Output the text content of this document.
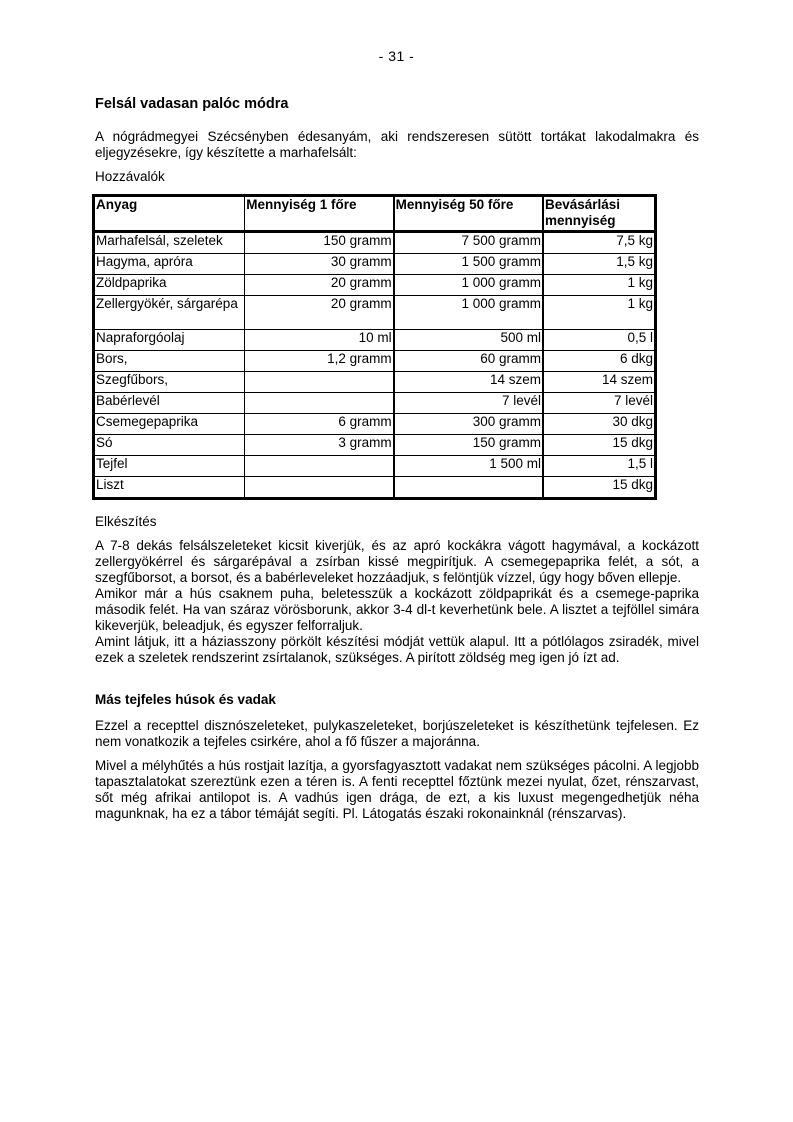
- 31 -
Felsál vadasan palóc módra

A nógrádmegyei Szécsényben édesanyám, aki rendszeresen sütött tortákat lakodalmakra és eljegyzésekre, így készítette a marhafelsált:

Hozzávalók

Anyag	Mennyiség 1 főre	Mennyiség 50 főre	Bevásárlási mennyiség
Marhafelsál, szeletek	150 gramm	7 500 gramm	7,5 kg
Hagyma, apróra	30 gramm	1 500 gramm	1,5 kg
Zöldpaprika	20 gramm	1 000 gramm	1 kg
Zellergyökér, sárgarépa	20 gramm	1 000 gramm	1 kg
Napraforgóolaj	10 ml	500 ml	0,5 l
Bors,	1,2 gramm	60 gramm	6 dkg
Szegfűbors,		14 szem	14 szem
Babérlevél		7 levél	7 levél
Csemegepaprika	6 gramm	300 gramm	30 dkg
Só	3 gramm	150 gramm	15 dkg
Tejfel		1 500 ml	1,5 l
Liszt			15 dkg

Elkészítés

A 7-8 dekás felsálszeleteket kicsit kiverjük, és az apró kockákra vágott hagymával, a kockázott zellergyökérrel és sárgarépával a zsírban kissé megpirítjuk. A csemegepaprika felét, a sót, a szegfűborsot, a borsot, és a babérleveleket hozzáadjuk, s felöntjük vízzel, úgy hogy bőven ellepje.

Amikor már a hús csaknem puha, beletesszük a kockázott zöldpaprikát és a csemege-paprika második felét. Ha van száraz vörösborunk, akkor 3-4 dl-t keverhetünk bele. A lisztet a tejföllel simára kikeverjük, beleadjuk, és egyszer felforraljuk.

Amint látjuk, itt a háziasszony pörkölt készítési módját vettük alapul. Itt a pótlólagos zsiradék, mivel ezek a szeletek rendszerint zsírtalanok, szükséges. A pirított zöldség meg igen jó ízt ad.

Más tejfeles húsok és vadak

Ezzel a recepttel disznószeleteket, pulykaszeleteket, borjúszeleteket is készíthetünk tejfelesen. Ez nem vonatkozik a tejfeles csirkére, ahol a fő fűszer a majoránna.

Mivel a mélyhűtés a hús rostjait lazítja, a gyorsfagyasztott vadakat nem szükséges pácolni. A legjobb tapasztalatokat szereztünk ezen a téren is. A fenti recepttel főztünk mezei nyulat, őzet, rénszarvast, sőt még afrikai antilopot is. A vadhús igen drága, de ezt, a kis luxust megengedhetjük néha magunknak, ha ez a tábor témáját segíti. Pl. Látogatás északi rokonainknál (rénszarvas).
